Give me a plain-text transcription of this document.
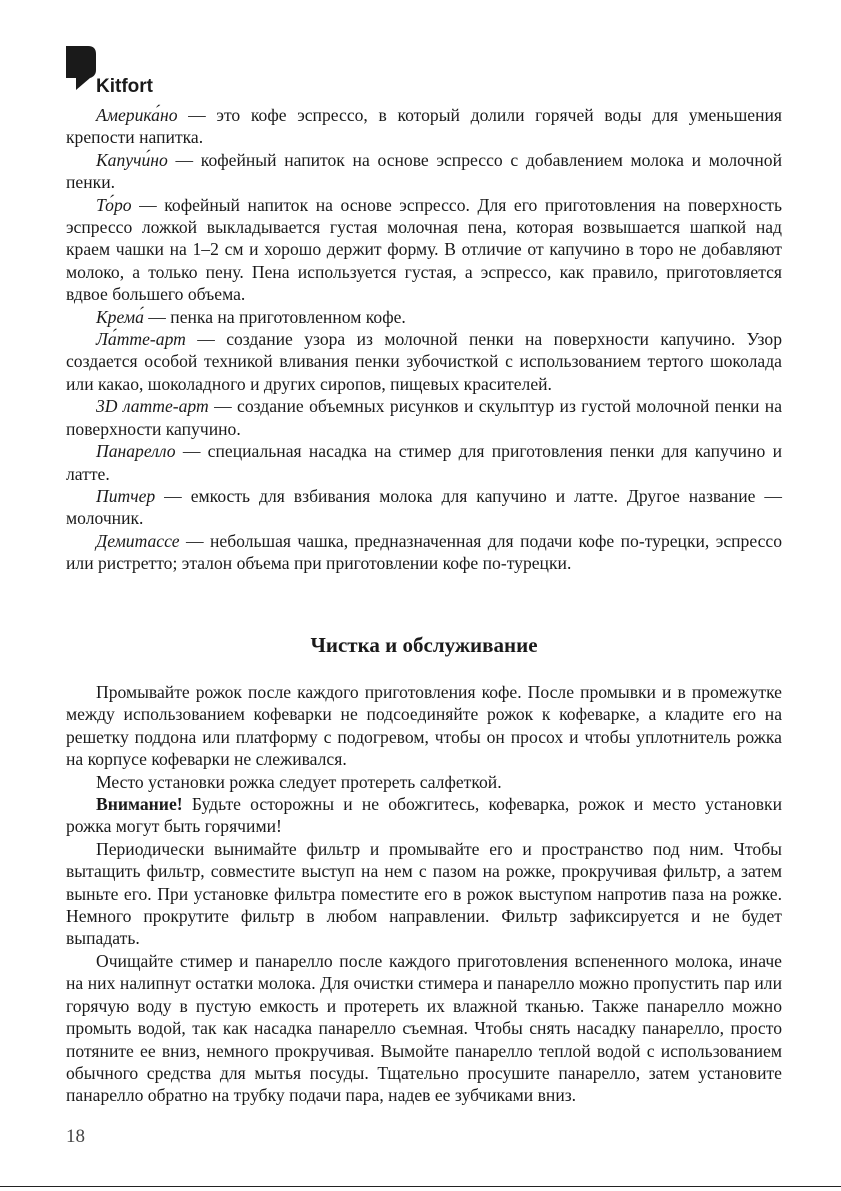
Kitfort

Америка́но — это кофе эспрессо, в который долили горячей воды для уменьшения крепости напитка.

Капучи́но — кофейный напиток на основе эспрессо с добавлением молока и молочной пенки.

То́ро — кофейный напиток на основе эспрессо. Для его приготовления на поверхность эспрессо ложкой выкладывается густая молочная пена, которая возвышается шапкой над краем чашки на 1–2 см и хорошо держит форму. В отличие от капучино в торо не добавляют молоко, а только пену. Пена используется густая, а эспрессо, как правило, приготовляется вдвое большего объема.

Крема́ — пенка на приготовленном кофе.

Ла́тте-арт — создание узора из молочной пенки на поверхности капучино. Узор создается особой техникой вливания пенки зубочисткой с использованием тертого шоколада или какао, шоколадного и других сиропов, пищевых красителей.

3D латте-арт — создание объемных рисунков и скульптур из густой молочной пенки на поверхности капучино.

Панарелло — специальная насадка на стимер для приготовления пенки для капучино и латте.

Питчер — емкость для взбивания молока для капучино и латте. Другое название — молочник.

Демитассе — небольшая чашка, предназначенная для подачи кофе по-турецки, эспрессо или ристретто; эталон объема при приготовлении кофе по-турецки.

Чистка и обслуживание

Промывайте рожок после каждого приготовления кофе. После промывки и в промежутке между использованием кофеварки не подсоединяйте рожок к кофеварке, а кладите его на решетку поддона или платформу с подогревом, чтобы он просох и чтобы уплотнитель рожка на корпусе кофеварки не слеживался.

Место установки рожка следует протереть салфеткой.

Внимание! Будьте осторожны и не обожгитесь, кофеварка, рожок и место установки рожка могут быть горячими!

Периодически вынимайте фильтр и промывайте его и пространство под ним. Чтобы вытащить фильтр, совместите выступ на нем с пазом на рожке, прокручивая фильтр, а затем выньте его. При установке фильтра поместите его в рожок выступом напротив паза на рожке. Немного прокрутите фильтр в любом направлении. Фильтр зафиксируется и не будет выпадать.

Очищайте стимер и панарелло после каждого приготовления вспененного молока, иначе на них налипнут остатки молока. Для очистки стимера и панарелло можно пропустить пар или горячую воду в пустую емкость и протереть их влажной тканью. Также панарелло можно промыть водой, так как насадка панарелло съемная. Чтобы снять насадку панарелло, просто потяните ее вниз, немного прокручивая. Вымойте панарелло теплой водой с использованием обычного средства для мытья посуды. Тщательно просушите панарелло, затем установите панарелло обратно на трубку подачи пара, надев ее зубчиками вниз.

18
